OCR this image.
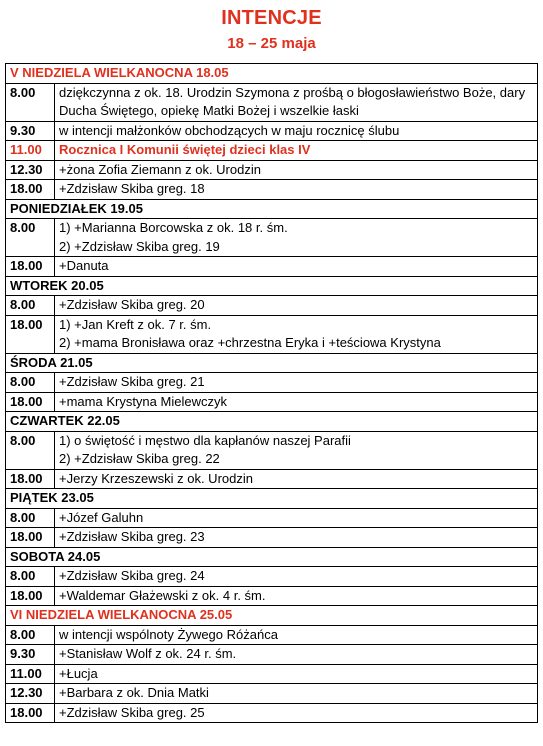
INTENCJE
18 – 25 maja
V NIEDZIELA WIELKANOCNA 18.05	
8.00	dziękczynna z ok. 18. Urodzin Szymona z prośbą o błogosławieństwo Boże, dary Ducha Świętego, opiekę Matki Bożej i wszelkie łaski

9.30	w intencji małżonków obchodzących w maju rocznicę ślubu

11.00	Rocznica I Komunii świętej dzieci klas IV

12.30	+żona Zofia Ziemann z ok. Urodzin

18.00	+Zdzisław Skiba greg. 18

PONIEDZIAŁEK 19.05	
8.00	1) +Marianna Borcowska z ok. 18 r. śm.
2) +Zdzisław Skiba greg. 19

18.00	+Danuta

WTOREK 20.05	
8.00	+Zdzisław Skiba greg. 20

18.00	1) +Jan Kreft z ok. 7 r. śm.
2) +mama Bronisława oraz +chrzestna Eryka i +teściowa Krystyna

ŚRODA 21.05	
8.00	+Zdzisław Skiba greg. 21

18.00	+mama Krystyna Mielewczyk

CZWARTEK 22.05	
8.00	1) o świętość i męstwo dla kapłanów naszej Parafii
2) +Zdzisław Skiba greg. 22

18.00	+Jerzy Krzeszewski z ok. Urodzin

PIĄTEK 23.05	
8.00	+Józef Galuhn

18.00	+Zdzisław Skiba greg. 23

SOBOTA 24.05	
8.00	+Zdzisław Skiba greg. 24

18.00	+Waldemar Głażewski z ok. 4 r. śm.

VI NIEDZIELA WIELKANOCNA 25.05	
8.00	w intencji wspólnoty Żywego Różańca

9.30	+Stanisław Wolf z ok. 24 r. śm.

11.00	+Łucja

12.30	+Barbara z ok. Dnia Matki

18.00	+Zdzisław Skiba greg. 25
